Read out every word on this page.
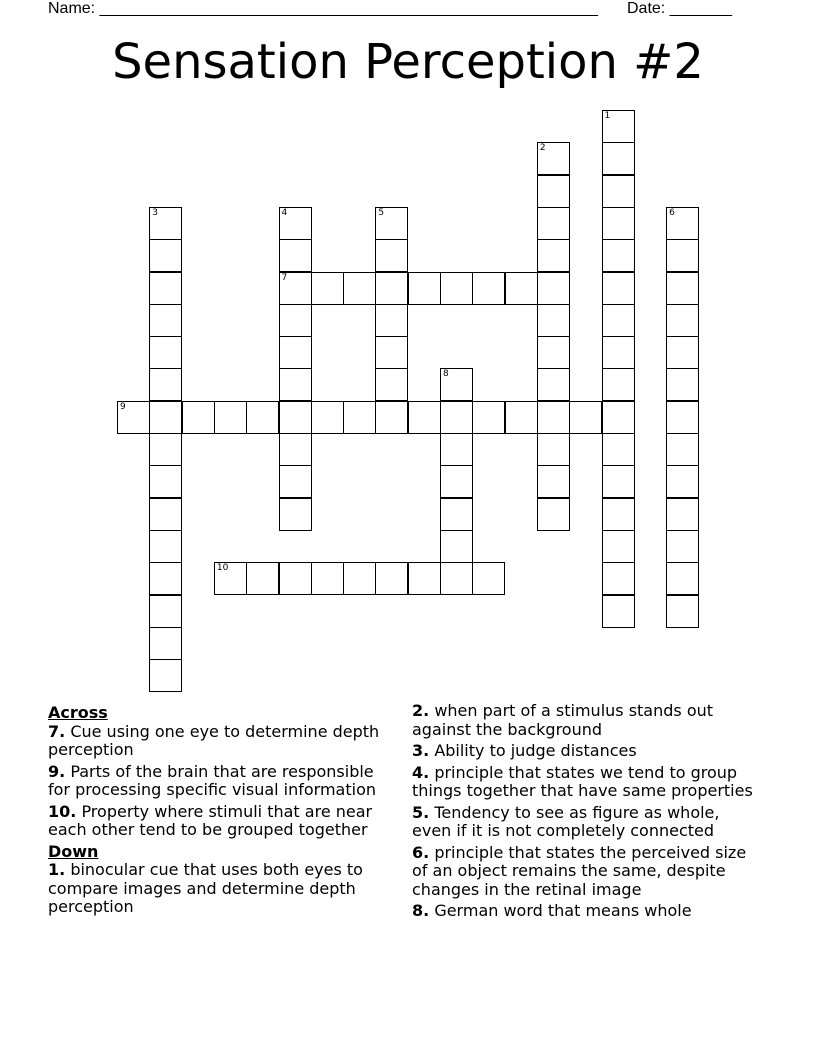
Name: ________________________________________________________ Date: _______
Sensation Perception #2
1
2
3	4
7
5	6
8
9
10
Across
7. Cue using one eye to determine depth perception
9. Parts of the brain that are responsible for processing specific visual information
10. Property where stimuli that are near each other tend to be grouped together
Down
1. binocular cue that uses both eyes to compare images and determine depth perception
2. when part of a stimulus stands out against the background
3. Ability to judge distances
4. principle that states we tend to group things together that have same properties
5. Tendency to see as figure as whole, even if it is not completely connected
6. principle that states the perceived size of an object remains the same, despite changes in the retinal image
8. German word that means whole
